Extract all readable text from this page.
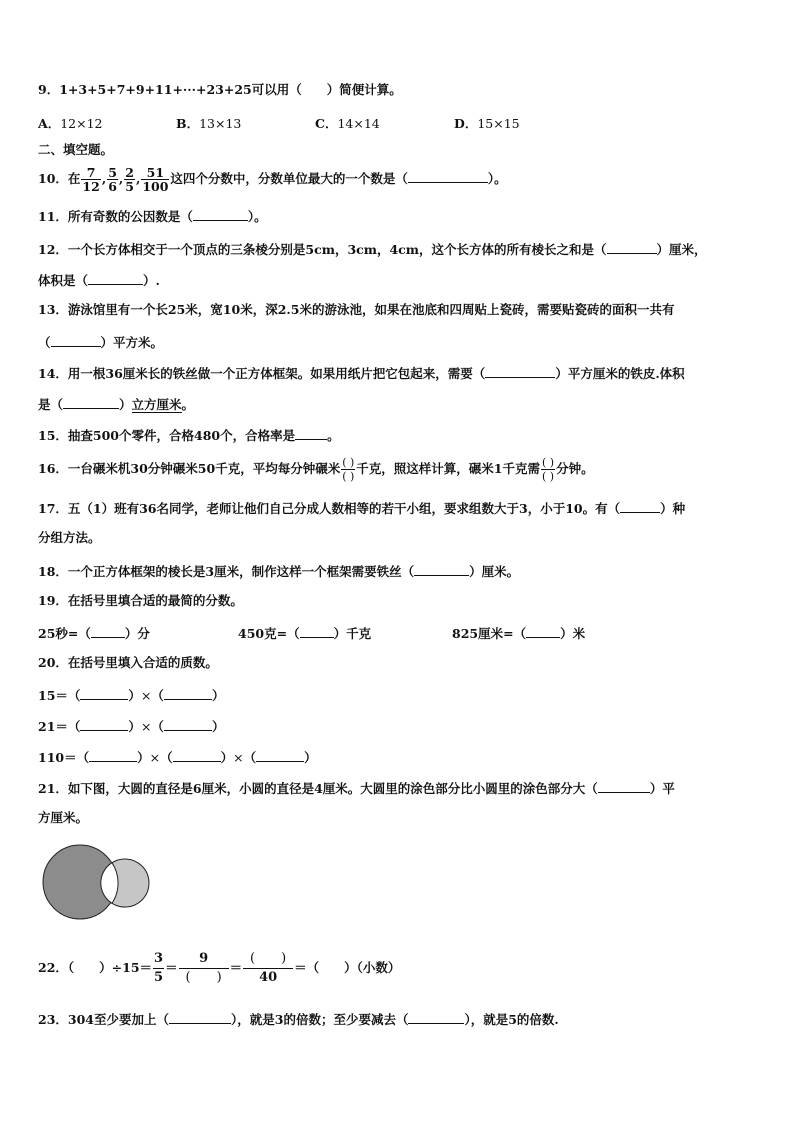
9．1+3+5+7+9+11+···+23+25可以用（　　）简便计算。
A．12×12	B．13×13	C．14×14	D．15×15
二、填空题。
10．在 $\frac{7}{12}$ , $\frac{5}{6}$ , $\frac{2}{5}$ , $\frac{51}{100}$ 这四个分数中，分数单位最大的一个数是（	）。
11．所有奇数的公因数是（	）。
12．一个长方体相交于一个顶点的三条棱分别是5cm，3cm，4cm，这个长方体的所有棱长之和是（	）厘米，
体积是（	）.
13．游泳馆里有一个长25米，宽10米，深2.5米的游泳池，如果在池底和四周贴上瓷砖，需要贴瓷砖的面积一共有
（	）平方米。
14．用一根36厘米长的铁丝做一个正方体框架。如果用纸片把它包起来，需要（	）平方厘米的铁皮.体积
是（	）立方厘米。
15．抽查500个零件，合格480个，合格率是	。
16．一台碾米机30分钟碾米50千克，平均每分钟碾米 $\frac{( )}{( )}$ 千克，照这样计算，碾米1千克需 $\frac{( )}{( )}$ 分钟。
17．五（1）班有36名同学，老师让他们自己分成人数相等的若干小组，要求组数大于3，小于10。有（	）种
分组方法。
18．一个正方体框架的棱长是3厘米，制作这样一个框架需要铁丝（	）厘米。
19．在括号里填合适的最简的分数。
25秒=（	）分	450克=（	）千克	825厘米=（	）米
20．在括号里填入合适的质数。
15＝（	）×（	）
21＝（	）×（	）
110＝（	）×（	）×（	）
21．如下图，大圆的直径是6厘米，小圆的直径是4厘米。大圆里的涂色部分比小圆里的涂色部分大（	）平
方厘米。
22．（　　）$\div 15= \frac{3}{5} = \frac{9}{( )} = \frac{( )}{40}$ ＝（　　）（小数）
23．304至少要加上（	），就是3的倍数；至少要减去（	），就是5的倍数.
